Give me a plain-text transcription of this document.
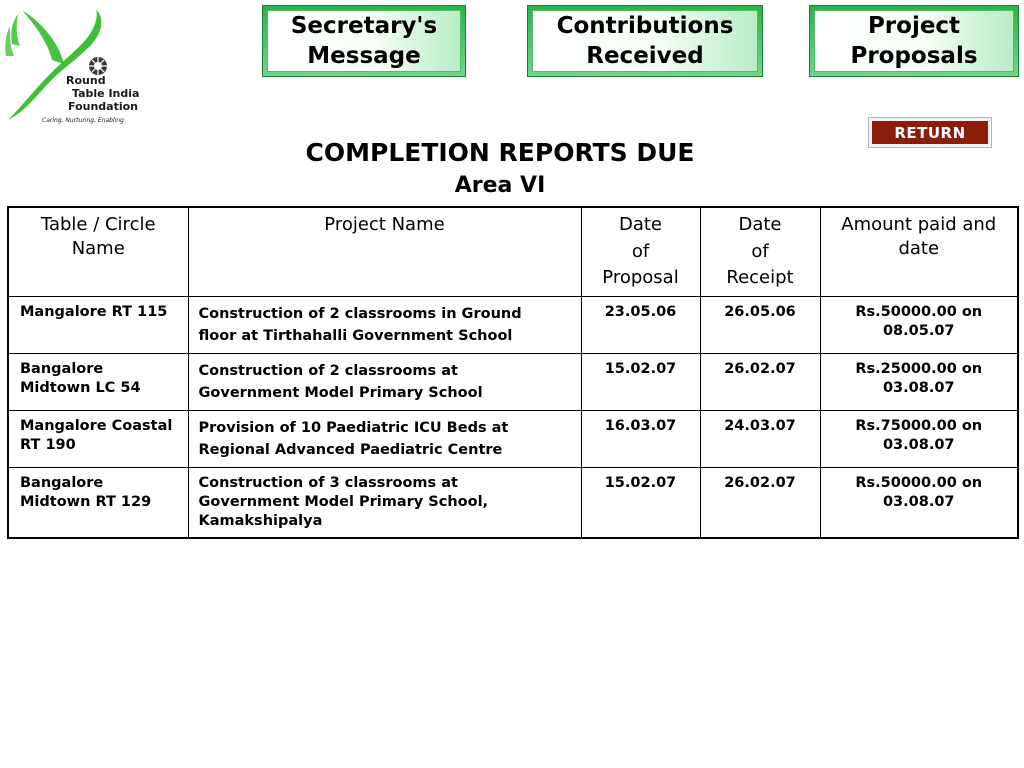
Round
Table India
Foundation
Caring, Nurturing, Enabling
Secretary's Message
Contributions Received
Project Proposals
RETURN
COMPLETION REPORTS DUE
Area VI
Table / Circle Name	Project Name	Date
of
Proposal	Date
of
Receipt	Amount paid and date
Mangalore RT 115	Construction of 2 classrooms in Ground
floor at Tirthahalli Government School	23.05.06	26.05.06	Rs.50000.00 on 08.05.07
Bangalore Midtown LC 54	Construction of 2 classrooms at
Government Model Primary School	15.02.07	26.02.07	Rs.25000.00 on 03.08.07
Mangalore Coastal RT 190	Provision of 10 Paediatric ICU Beds at
Regional Advanced Paediatric Centre	16.03.07	24.03.07	Rs.75000.00 on 03.08.07
Bangalore Midtown RT 129	Construction of 3 classrooms at
Government Model Primary School,
Kamakshipalya	15.02.07	26.02.07	Rs.50000.00 on 03.08.07
